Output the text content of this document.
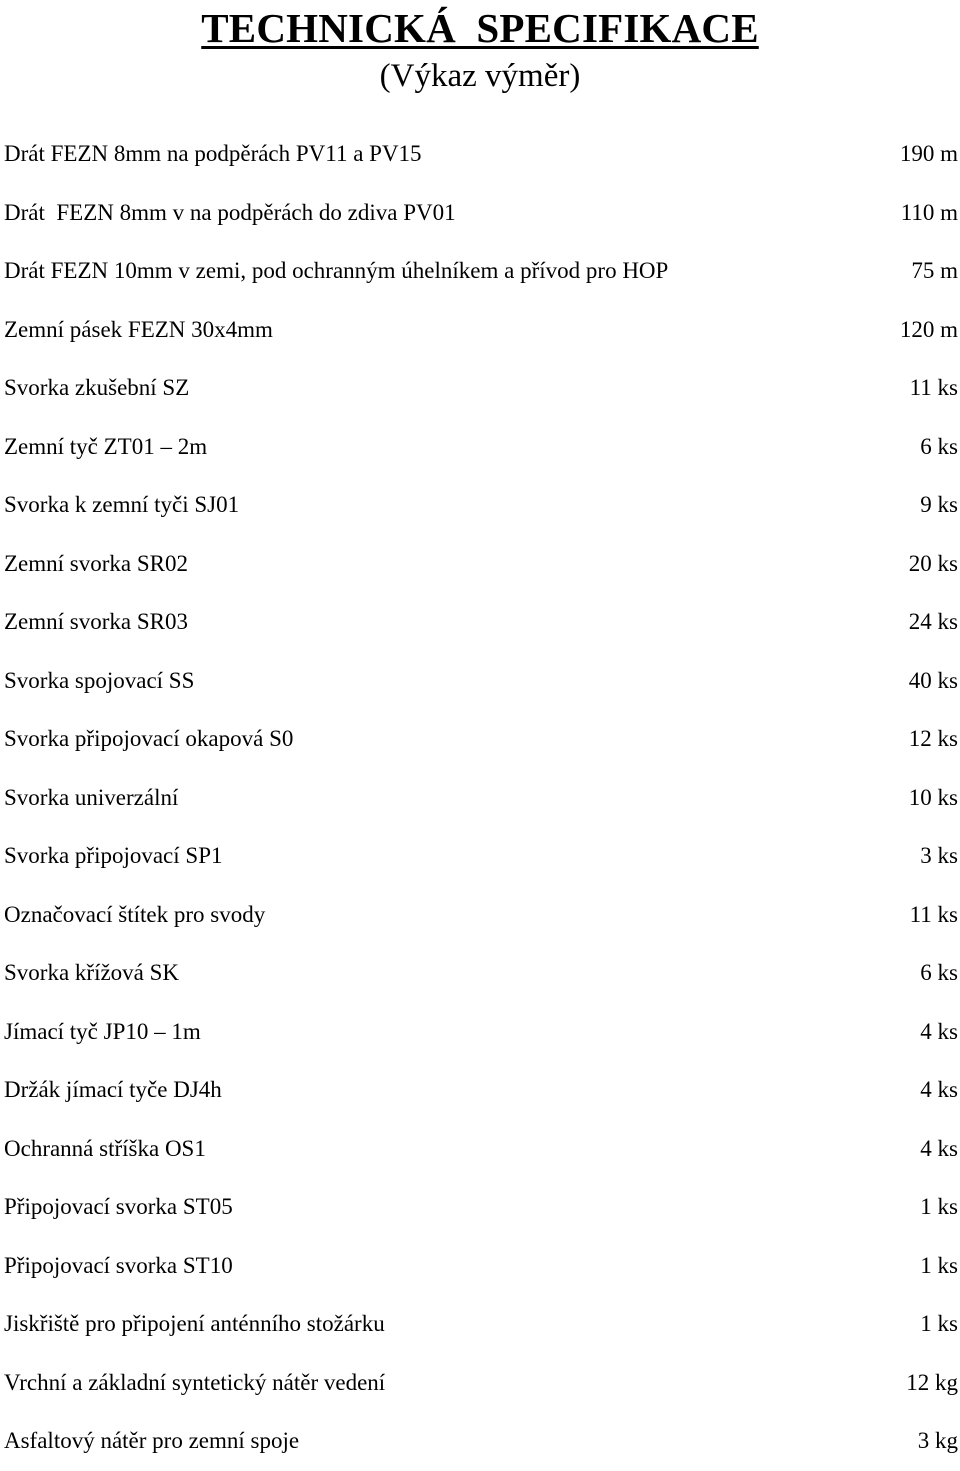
TECHNICKÁ SPECIFIKACE
(Výkaz výměr)
Drát FEZN 8mm na podpěrách PV11 a PV15	190 m
Drát  FEZN 8mm v na podpěrách do zdiva PV01	110 m
Drát FEZN 10mm v zemi, pod ochranným úhelníkem a přívod pro HOP	75 m
Zemní pásek FEZN 30x4mm	120 m
Svorka zkušební SZ	11 ks
Zemní tyč ZT01 – 2m	6 ks
Svorka k zemní tyči SJ01	9 ks
Zemní svorka SR02	20 ks
Zemní svorka SR03	24 ks
Svorka spojovací SS	40 ks
Svorka připojovací okapová S0	12 ks
Svorka univerzální	10 ks
Svorka připojovací SP1	3 ks
Označovací štítek pro svody	11 ks
Svorka křížová SK	6 ks
Jímací tyč JP10 – 1m	4 ks
Držák jímací tyče DJ4h	4 ks
Ochranná stříška OS1	4 ks
Připojovací svorka ST05	1 ks
Připojovací svorka ST10	1 ks
Jiskřiště pro připojení anténního stožárku	1 ks
Vrchní a základní syntetický nátěr vedení	12 kg
Asfaltový nátěr pro zemní spoje	3 kg
